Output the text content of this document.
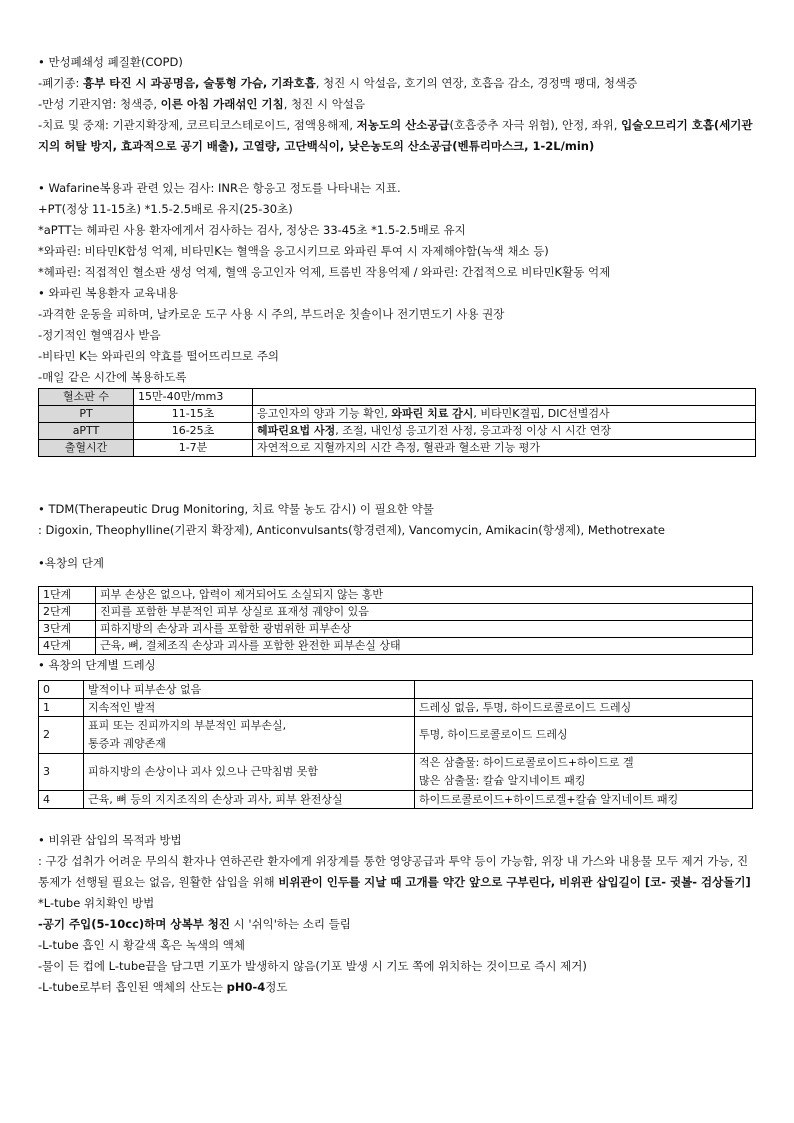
• 만성폐쇄성 폐질환(COPD)
-폐기종: 흉부 타진 시 과공명음, 술통형 가슴, 기좌호흡, 청진 시 악설음, 호기의 연장, 호흡음 감소, 경정맥 팽대, 청색증
-만성 기관지염: 청색증, 이른 아침 가래섞인 기침, 청진 시 악설음
-치료 및 중재: 기관지확장제, 코르티코스테로이드, 점액용해제, 저농도의 산소공급(호흡중추 자극 위험), 안정, 좌위, 입술오므리기 호흡(세기관지의 허탈 방지, 효과적으로 공기 배출), 고열량, 고단백식이, 낮은농도의 산소공급(벤튜리마스크, 1-2L/min)
• Wafarine복용과 관련 있는 검사: INR은 항응고 정도를 나타내는 지표.
+PT(정상 11-15초) *1.5-2.5배로 유지(25-30초)
*aPTT는 헤파린 사용 환자에게서 검사하는 검사, 정상은 33-45초 *1.5-2.5배로 유지
*와파린: 비타민K합성 억제, 비타민K는 혈액을 응고시키므로 와파린 투여 시 자제해야함(녹색 채소 등)
*헤파린: 직접적인 혈소판 생성 억제, 혈액 응고인자 억제, 트롬빈 작용억제 / 와파린: 간접적으로 비타민K활동 억제
• 와파린 복용환자 교육내용
-과격한 운동을 피하며, 날카로운 도구 사용 시 주의, 부드러운 칫솔이나 전기면도기 사용 권장
-정기적인 혈액검사 받음
-비타민 K는 와파린의 약효를 떨어뜨리므로 주의
-매일 같은 시간에 복용하도록
혈소판 수	15만-40만/mm3	
PT	11-15초	응고인자의 양과 기능 확인, 와파린 치료 감시, 비타민K결핍, DIC선별검사
aPTT	16-25초	헤파린요법 사정, 조절, 내인성 응고기전 사정, 응고과정 이상 시 시간 연장
출혈시간	1-7분	자연적으로 지혈까지의 시간 측정, 혈관과 혈소판 기능 평가
• TDM(Therapeutic Drug Monitoring, 치료 약물 농도 감시) 이 필요한 약물
: Digoxin, Theophylline(기관지 확장제), Anticonvulsants(항경련제), Vancomycin, Amikacin(항생제), Methotrexate
•욕창의 단계
1단계	피부 손상은 없으나, 압력이 제거되어도 소실되지 않는 홍반
2단계	진피를 포함한 부분적인 피부 상실로 표재성 궤양이 있음
3단계	피하지방의 손상과 괴사를 포함한 광범위한 피부손상
4단계	근육, 뼈, 결체조직 손상과 괴사를 포함한 완전한 피부손실 상태
• 욕창의 단계별 드레싱
0	발적이나 피부손상 없음	
1	지속적인 발적	드레싱 없음, 투명, 하이드로콜로이드 드레싱
2	표피 또는 진피까지의 부분적인 피부손실,
통증과 궤양존재	투명, 하이드로콜로이드 드레싱
3	피하지방의 손상이나 괴사 있으나 근막침범 못함	적은 삼출물: 하이드로콜로이드+하이드로 겔
많은 삼출물: 칼슘 알지네이트 패킹

4	근육, 뼈 등의 지지조직의 손상과 괴사, 피부 완전상실	하이드로콜로이드+하이드로겔+칼슘 알지네이트 패킹
• 비위관 삽입의 목적과 방법
: 구강 섭취가 어려운 무의식 환자나 연하곤란 환자에게 위장계를 통한 영양공급과 투약 등이 가능함, 위장 내 가스와 내용물 모두 제거 가능, 진통제가 선행될 필요는 없음, 원활한 삽입을 위해 비위관이 인두를 지날 때 고개를 약간 앞으로 구부린다, 비위관 삽입길이 [코- 귓볼- 검상돌기]
*L-tube 위치확인 방법
-공기 주입(5-10cc)하며 상복부 청진 시 '쉬익'하는 소리 들림
-L-tube 흡인 시 황갈색 혹은 녹색의 액체
-물이 든 컵에 L-tube끝을 담그면 기포가 발생하지 않음(기포 발생 시 기도 쪽에 위치하는 것이므로 즉시 제거)
-L-tube로부터 흡인된 액체의 산도는 pH0-4정도
